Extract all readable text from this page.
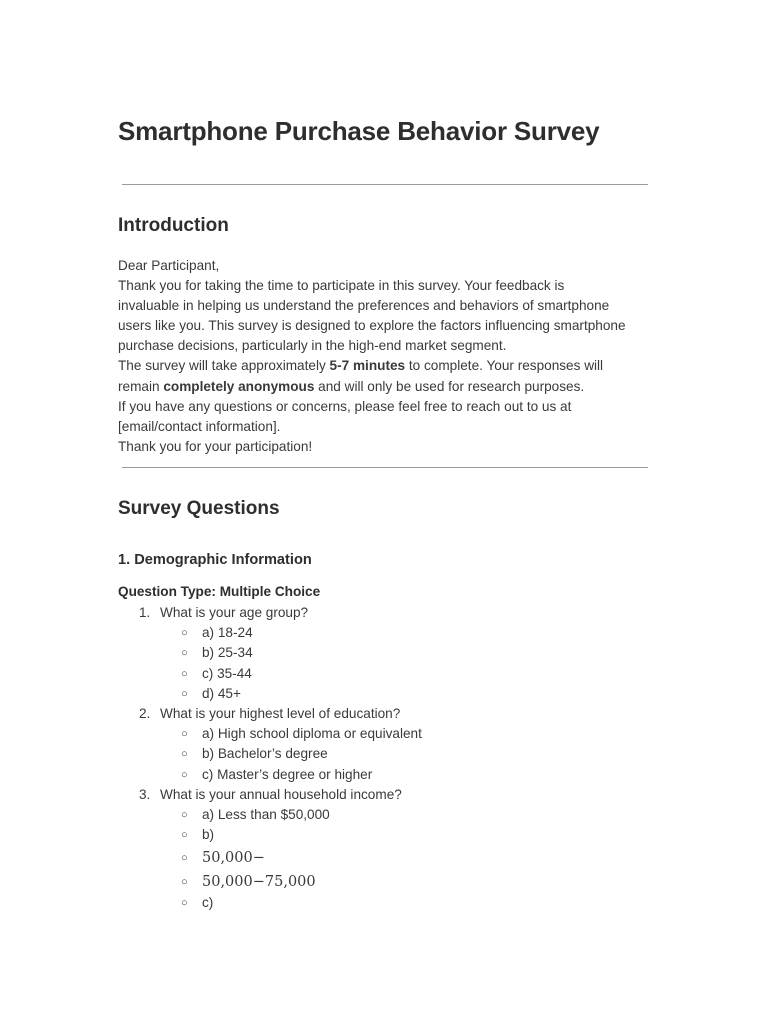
Smartphone Purchase Behavior Survey
Introduction
Dear Participant,
Thank you for taking the time to participate in this survey. Your feedback is
invaluable in helping us understand the preferences and behaviors of smartphone
users like you. This survey is designed to explore the factors influencing smartphone
purchase decisions, particularly in the high-end market segment.
The survey will take approximately 5-7 minutes to complete. Your responses will
remain completely anonymous and will only be used for research purposes.
If you have any questions or concerns, please feel free to reach out to us at
[email/contact information].
Thank you for your participation!
Survey Questions
1. Demographic Information
Question Type: Multiple Choice
1. What is your age group?
○ a) 18-24
○ b) 25-34
○ c) 35-44
○ d) 45+
2. What is your highest level of education?
○ a) High school diploma or equivalent
○ b) Bachelor’s degree
○ c) Master’s degree or higher
3. What is your annual household income?
○ a) Less than $50,000
○ b)
○ 50,000−
○ 50,000−75,000
○ c)
